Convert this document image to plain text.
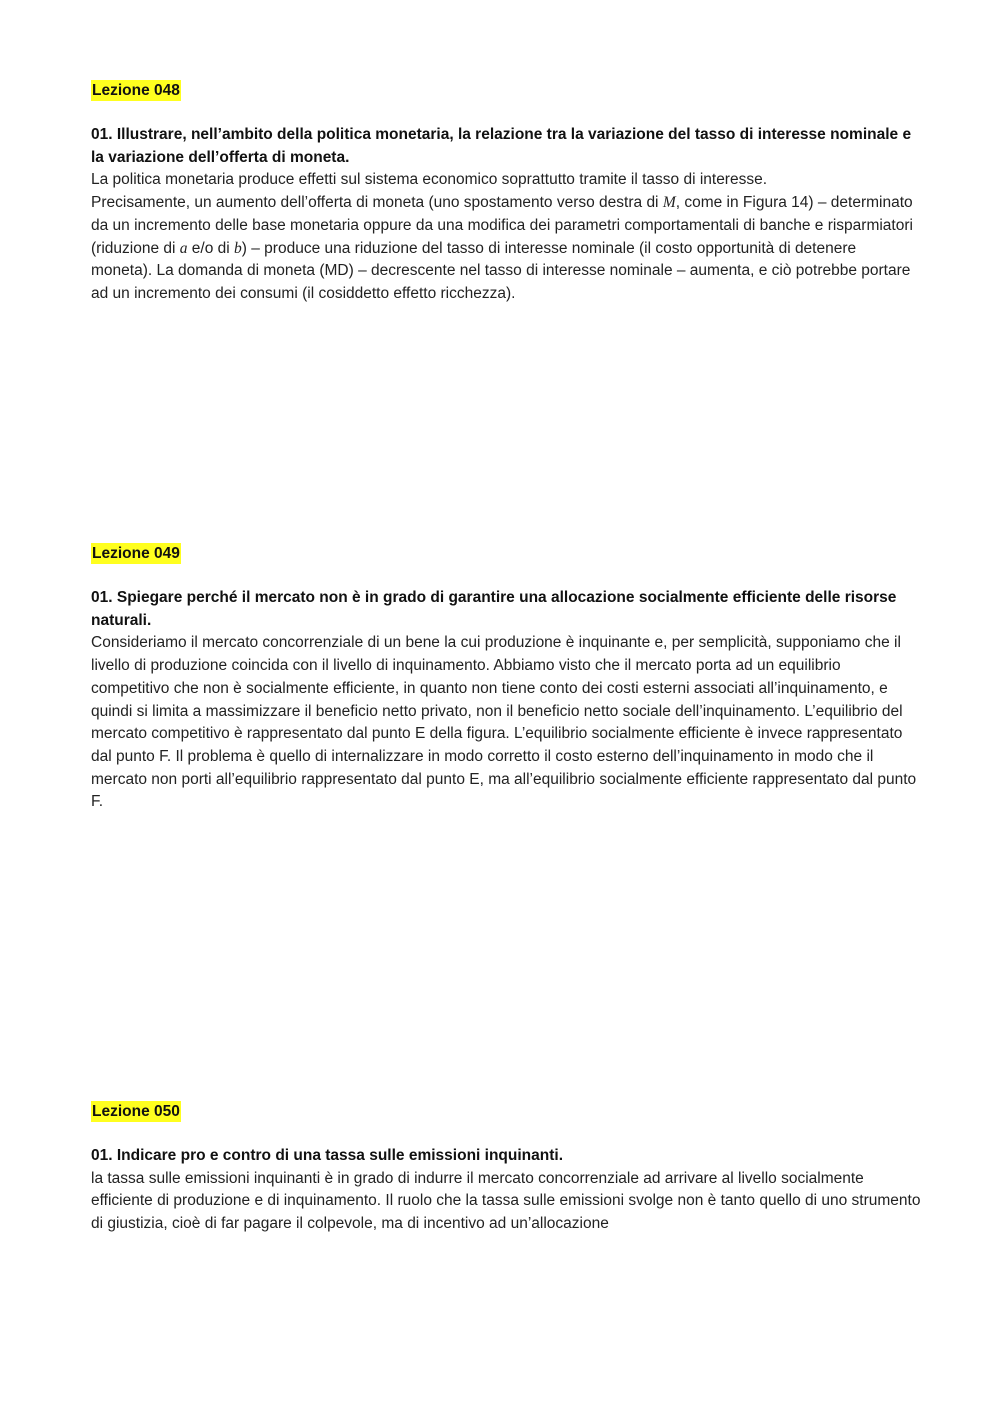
Lezione 048
01. Illustrare, nell’ambito della politica monetaria, la relazione tra la variazione del tasso di interesse nominale e la variazione dell’offerta di moneta.

La politica monetaria produce effetti sul sistema economico soprattutto tramite il tasso di interesse.

Precisamente, un aumento dell’offerta di moneta (uno spostamento verso destra di M, come in Figura 14) – determinato da un incremento delle base monetaria oppure da una modifica dei parametri comportamentali di banche e risparmiatori

(riduzione di a e/o di b) – produce una riduzione del tasso di interesse nominale (il costo opportunità di detenere moneta). La domanda di moneta (MD) – decrescente nel tasso di interesse nominale – aumenta, e ciò potrebbe portare ad un incremento dei consumi (il cosiddetto effetto ricchezza).

Lezione 049
01. Spiegare perché il mercato non è in grado di garantire una allocazione socialmente efficiente delle risorse naturali.
Consideriamo il mercato concorrenziale di un bene la cui produzione è inquinante e, per semplicità, supponiamo che il livello di produzione coincida con il livello di inquinamento. Abbiamo visto che il mercato porta ad un equilibrio competitivo che non è socialmente efficiente, in quanto non tiene conto dei costi esterni associati all’inquinamento, e quindi si limita a massimizzare il beneficio netto privato, non il beneficio netto sociale dell’inquinamento. L’equilibrio del mercato competitivo è rappresentato dal punto E della figura. L’equilibrio socialmente efficiente è invece rappresentato dal punto F. Il problema è quello di internalizzare in modo corretto il costo esterno dell’inquinamento in modo che il mercato non porti all’equilibrio rappresentato dal punto E, ma all’equilibrio socialmente efficiente rappresentato dal punto F.
Lezione 050
01. Indicare pro e contro di una tassa sulle emissioni inquinanti.
la tassa sulle emissioni inquinanti è in grado di indurre il mercato concorrenziale ad arrivare al livello socialmente efficiente di produzione e di inquinamento. Il ruolo che la tassa sulle emissioni svolge non è tanto quello di uno strumento di giustizia, cioè di far pagare il colpevole, ma di incentivo ad un’allocazione
